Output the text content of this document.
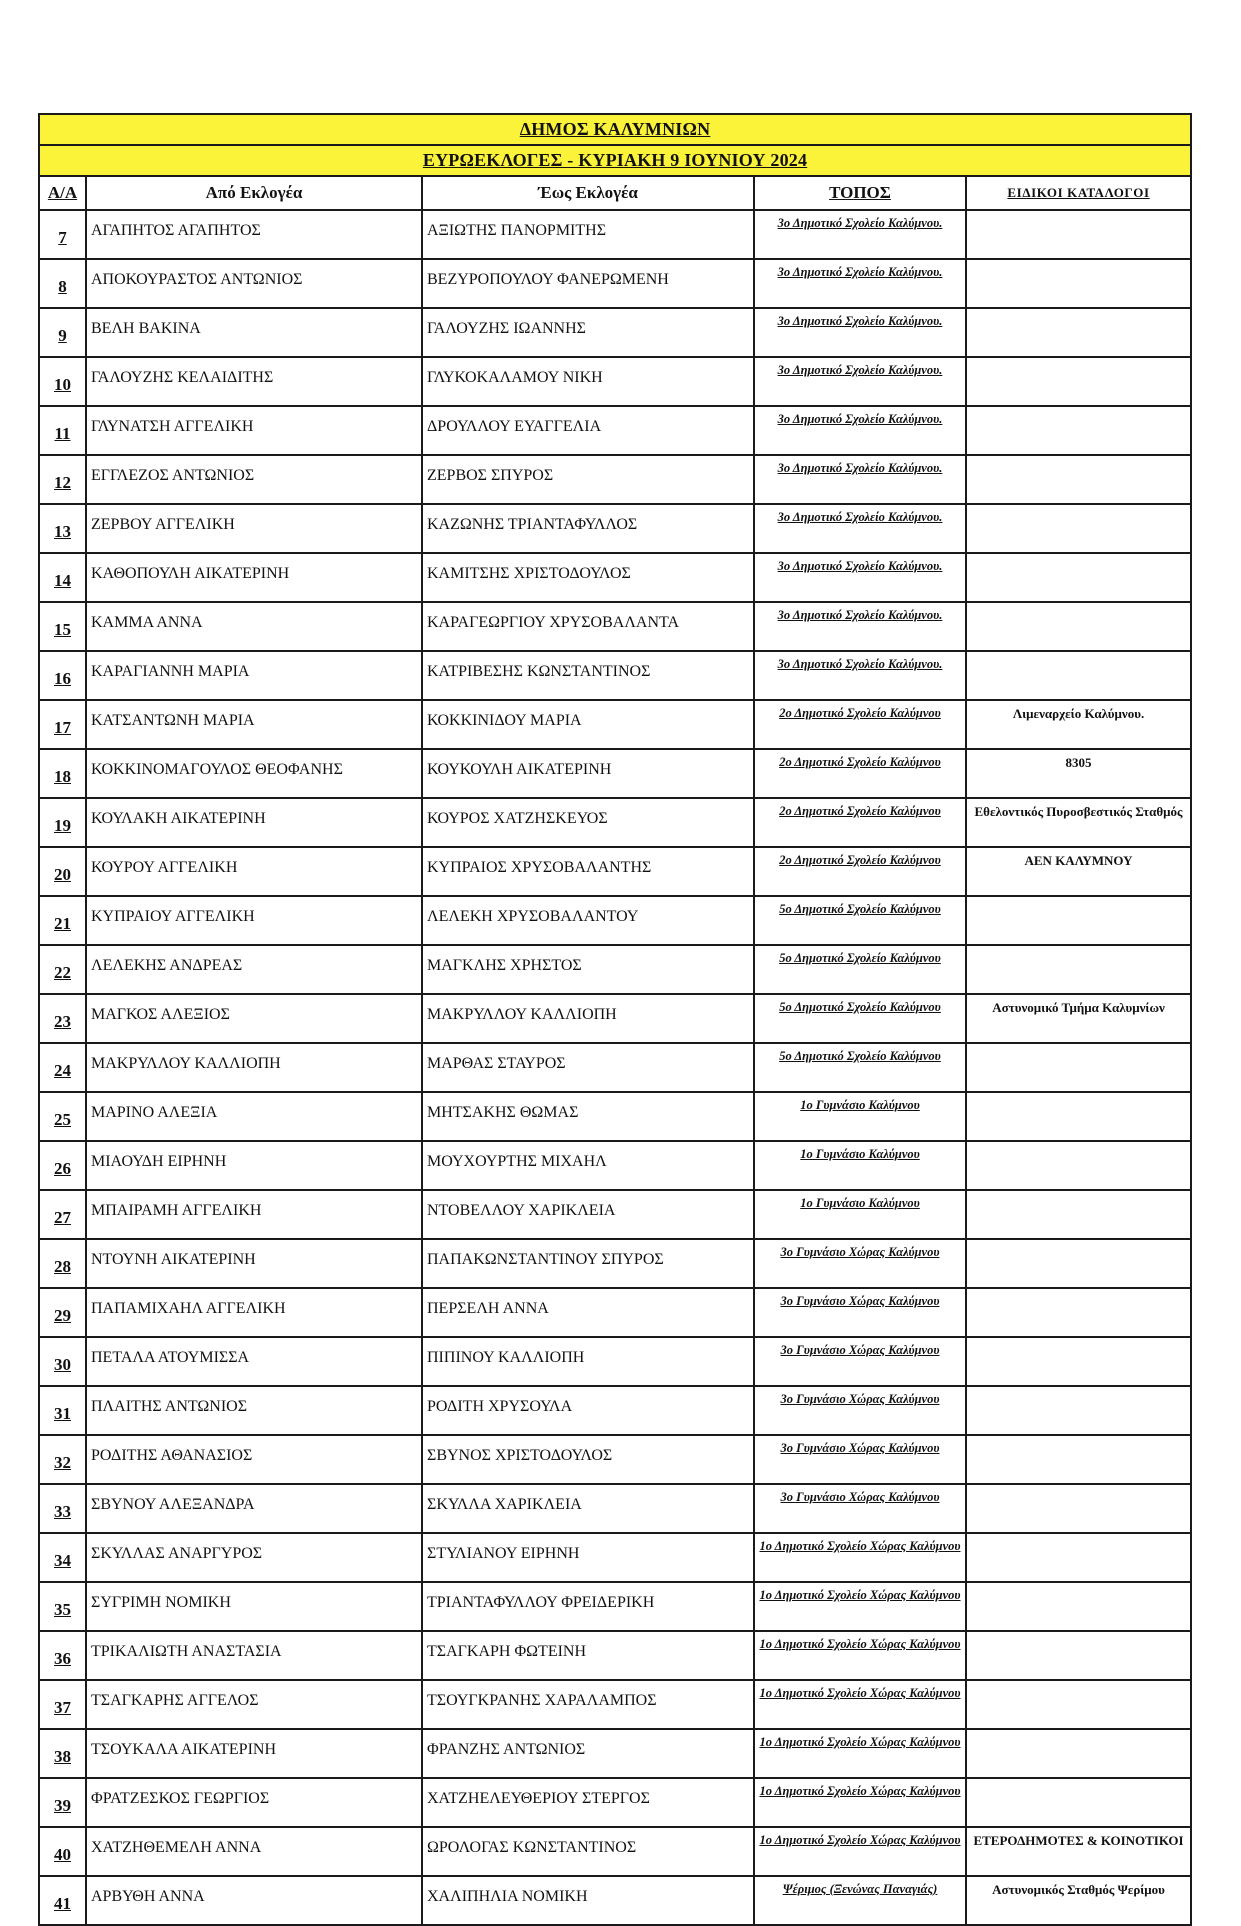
ΔΗΜΟΣ ΚΑΛΥΜΝΙΩΝ				
ΕΥΡΩΕΚΛΟΓΕΣ - ΚΥΡΙΑΚΗ 9 ΙΟΥΝΙΟΥ 2024				
Α/Α	Από Εκλογέα	Έως Εκλογέα	ΤΟΠΟΣ	ΕΙΔΙΚΟΙ ΚΑΤΑΛΟΓΟΙ
7	ΑΓΑΠΗΤΟΣ ΑΓΑΠΗΤΟΣ	ΑΞΙΩΤΗΣ ΠΑΝΟΡΜΙΤΗΣ	3ο Δημοτικό Σχολείο Καλύμνου.	
8	ΑΠΟΚΟΥΡΑΣΤΟΣ ΑΝΤΩΝΙΟΣ	ΒΕΖΥΡΟΠΟΥΛΟΥ ΦΑΝΕΡΩΜΕΝΗ	3ο Δημοτικό Σχολείο Καλύμνου.	
9	ΒΕΛΗ ΒΑΚΙΝΑ	ΓΑΛΟΥΖΗΣ ΙΩΑΝΝΗΣ	3ο Δημοτικό Σχολείο Καλύμνου.	
10	ΓΑΛΟΥΖΗΣ ΚΕΛΑΙΔΙΤΗΣ	ΓΛΥΚΟΚΑΛΑΜΟΥ ΝΙΚΗ	3ο Δημοτικό Σχολείο Καλύμνου.	
11	ΓΛΥΝΑΤΣΗ ΑΓΓΕΛΙΚΗ	ΔΡΟΥΛΛΟΥ ΕΥΑΓΓΕΛΙΑ	3ο Δημοτικό Σχολείο Καλύμνου.	
12	ΕΓΓΛΕΖΟΣ ΑΝΤΩΝΙΟΣ	ΖΕΡΒΟΣ ΣΠΥΡΟΣ	3ο Δημοτικό Σχολείο Καλύμνου.	
13	ΖΕΡΒΟΥ ΑΓΓΕΛΙΚΗ	ΚΑΖΩΝΗΣ ΤΡΙΑΝΤΑΦΥΛΛΟΣ	3ο Δημοτικό Σχολείο Καλύμνου.	
14	ΚΑΘΟΠΟΥΛΗ ΑΙΚΑΤΕΡΙΝΗ	ΚΑΜΙΤΣΗΣ ΧΡΙΣΤΟΔΟΥΛΟΣ	3ο Δημοτικό Σχολείο Καλύμνου.	
15	ΚΑΜΜΑ ΑΝΝΑ	ΚΑΡΑΓΕΩΡΓΙΟΥ ΧΡΥΣΟΒΑΛΑΝΤΑ	3ο Δημοτικό Σχολείο Καλύμνου.	
16	ΚΑΡΑΓΙΑΝΝΗ ΜΑΡΙΑ	ΚΑΤΡΙΒΕΣΗΣ ΚΩΝΣΤΑΝΤΙΝΟΣ	3ο Δημοτικό Σχολείο Καλύμνου.	
17	ΚΑΤΣΑΝΤΩΝΗ ΜΑΡΙΑ	ΚΟΚΚΙΝΙΔΟΥ ΜΑΡΙΑ	2ο Δημοτικό Σχολείο Καλύμνου	Λιμεναρχείο Καλύμνου.
18	ΚΟΚΚΙΝΟΜΑΓΟΥΛΟΣ ΘΕΟΦΑΝΗΣ	ΚΟΥΚΟΥΛΗ ΑΙΚΑΤΕΡΙΝΗ	2ο Δημοτικό Σχολείο Καλύμνου	8305
19	ΚΟΥΛΑΚΗ ΑΙΚΑΤΕΡΙΝΗ	ΚΟΥΡΟΣ ΧΑΤΖΗΣΚΕΥΟΣ	2ο Δημοτικό Σχολείο Καλύμνου	Εθελοντικός Πυροσβεστικός Σταθμός
20	ΚΟΥΡΟΥ ΑΓΓΕΛΙΚΗ	ΚΥΠΡΑΙΟΣ ΧΡΥΣΟΒΑΛΑΝΤΗΣ	2ο Δημοτικό Σχολείο Καλύμνου	ΑΕΝ ΚΑΛΥΜΝΟΥ
21	ΚΥΠΡΑΙΟΥ ΑΓΓΕΛΙΚΗ	ΛΕΛΕΚΗ ΧΡΥΣΟΒΑΛΑΝΤΟΥ	5ο Δημοτικό Σχολείο Καλύμνου	
22	ΛΕΛΕΚΗΣ ΑΝΔΡΕΑΣ	ΜΑΓΚΛΗΣ ΧΡΗΣΤΟΣ	5ο Δημοτικό Σχολείο Καλύμνου	
23	ΜΑΓΚΟΣ ΑΛΕΞΙΟΣ	ΜΑΚΡΥΛΛΟΥ ΚΑΛΛΙΟΠΗ	5ο Δημοτικό Σχολείο Καλύμνου	Αστυνομικό Τμήμα Καλυμνίων
24	ΜΑΚΡΥΛΛΟΥ ΚΑΛΛΙΟΠΗ	ΜΑΡΘΑΣ ΣΤΑΥΡΟΣ	5ο Δημοτικό Σχολείο Καλύμνου	
25	ΜΑΡΙΝΟ ΑΛΕΞΙΑ	ΜΗΤΣΑΚΗΣ ΘΩΜΑΣ	1ο Γυμνάσιο Καλύμνου	
26	ΜΙΑΟΥΔΗ ΕΙΡΗΝΗ	ΜΟΥΧΟΥΡΤΗΣ ΜΙΧΑΗΛ	1ο Γυμνάσιο Καλύμνου	
27	ΜΠΑΙΡΑΜΗ ΑΓΓΕΛΙΚΗ	ΝΤΟΒΕΛΛΟΥ ΧΑΡΙΚΛΕΙΑ	1ο Γυμνάσιο Καλύμνου	
28	ΝΤΟΥΝΗ ΑΙΚΑΤΕΡΙΝΗ	ΠΑΠΑΚΩΝΣΤΑΝΤΙΝΟΥ ΣΠΥΡΟΣ	3ο Γυμνάσιο Χώρας Καλύμνου	
29	ΠΑΠΑΜΙΧΑΗΛ ΑΓΓΕΛΙΚΗ	ΠΕΡΣΕΛΗ ΑΝΝΑ	3ο Γυμνάσιο Χώρας Καλύμνου	
30	ΠΕΤΑΛΑ ΑΤΟΥΜΙΣΣΑ	ΠΙΠΙΝΟΥ ΚΑΛΛΙΟΠΗ	3ο Γυμνάσιο Χώρας Καλύμνου	
31	ΠΛΑΙΤΗΣ ΑΝΤΩΝΙΟΣ	ΡΟΔΙΤΗ ΧΡΥΣΟΥΛΑ	3ο Γυμνάσιο Χώρας Καλύμνου	
32	ΡΟΔΙΤΗΣ ΑΘΑΝΑΣΙΟΣ	ΣΒΥΝΟΣ ΧΡΙΣΤΟΔΟΥΛΟΣ	3ο Γυμνάσιο Χώρας Καλύμνου	
33	ΣΒΥΝΟΥ ΑΛΕΞΑΝΔΡΑ	ΣΚΥΛΛΑ ΧΑΡΙΚΛΕΙΑ	3ο Γυμνάσιο Χώρας Καλύμνου	
34	ΣΚΥΛΛΑΣ ΑΝΑΡΓΥΡΟΣ	ΣΤΥΛΙΑΝΟΥ ΕΙΡΗΝΗ	1ο Δημοτικό Σχολείο Χώρας Καλύμνου	
35	ΣΥΓΡΙΜΗ ΝΟΜΙΚΗ	ΤΡΙΑΝΤΑΦΥΛΛΟΥ ΦΡΕΙΔΕΡΙΚΗ	1ο Δημοτικό Σχολείο Χώρας Καλύμνου	
36	ΤΡΙΚΑΛΙΩΤΗ ΑΝΑΣΤΑΣΙΑ	ΤΣΑΓΚΑΡΗ ΦΩΤΕΙΝΗ	1ο Δημοτικό Σχολείο Χώρας Καλύμνου	
37	ΤΣΑΓΚΑΡΗΣ ΑΓΓΕΛΟΣ	ΤΣΟΥΓΚΡΑΝΗΣ ΧΑΡΑΛΑΜΠΟΣ	1ο Δημοτικό Σχολείο Χώρας Καλύμνου	
38	ΤΣΟΥΚΑΛΑ ΑΙΚΑΤΕΡΙΝΗ	ΦΡΑΝΖΗΣ ΑΝΤΩΝΙΟΣ	1ο Δημοτικό Σχολείο Χώρας Καλύμνου	
39	ΦΡΑΤΖΕΣΚΟΣ ΓΕΩΡΓΙΟΣ	ΧΑΤΖΗΕΛΕΥΘΕΡΙΟΥ ΣΤΕΡΓΟΣ	1ο Δημοτικό Σχολείο Χώρας Καλύμνου	
40	ΧΑΤΖΗΘΕΜΕΛΗ ΑΝΝΑ	ΩΡΟΛΟΓΑΣ ΚΩΝΣΤΑΝΤΙΝΟΣ	1ο Δημοτικό Σχολείο Χώρας Καλύμνου	ΕΤΕΡΟΔΗΜΟΤΕΣ & ΚΟΙΝΟΤΙΚΟΙ
41	ΑΡΒΥΘΗ ΑΝΝΑ	ΧΑΛΙΠΗΛΙΑ ΝΟΜΙΚΗ	Ψέριμος (Ξενώνας Παναγιάς)	Αστυνομικός Σταθμός Ψερίμου
